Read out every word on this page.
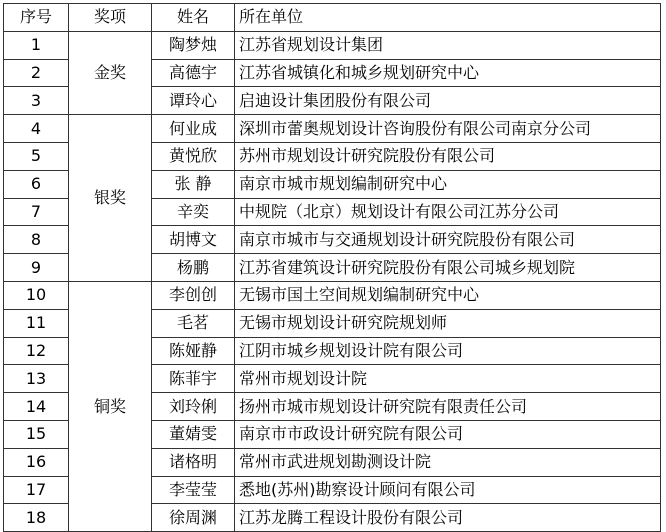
序号	奖项	姓名	所在单位
1	金奖	陶梦烛	江苏省规划设计集团
2		高德宇	江苏省城镇化和城乡规划研究中心
3		谭玲心	启迪设计集团股份有限公司
4	银奖	何业成	深圳市蕾奥规划设计咨询股份有限公司南京分公司
5		黄悦欣	苏州市规划设计研究院股份有限公司
6		张 静	南京市城市规划编制研究中心
7		辛奕	中规院（北京）规划设计有限公司江苏分公司
8		胡博文	南京市城市与交通规划设计研究院股份有限公司
9		杨鹏	江苏省建筑设计研究院股份有限公司城乡规划院
10	铜奖	李创创	无锡市国土空间规划编制研究中心
11		毛茗	无锡市规划设计研究院规划师
12		陈娅静	江阴市城乡规划设计院有限公司
13		陈菲宇	常州市规划设计院
14		刘玲俐	扬州市城市规划设计研究院有限责任公司
15		董婧雯	南京市市政设计研究院有限公司
16		诸格明	常州市武进规划勘测设计院
17		李莹莹	悉地(苏州)勘察设计顾问有限公司
18		徐周渊	江苏龙腾工程设计股份有限公司
